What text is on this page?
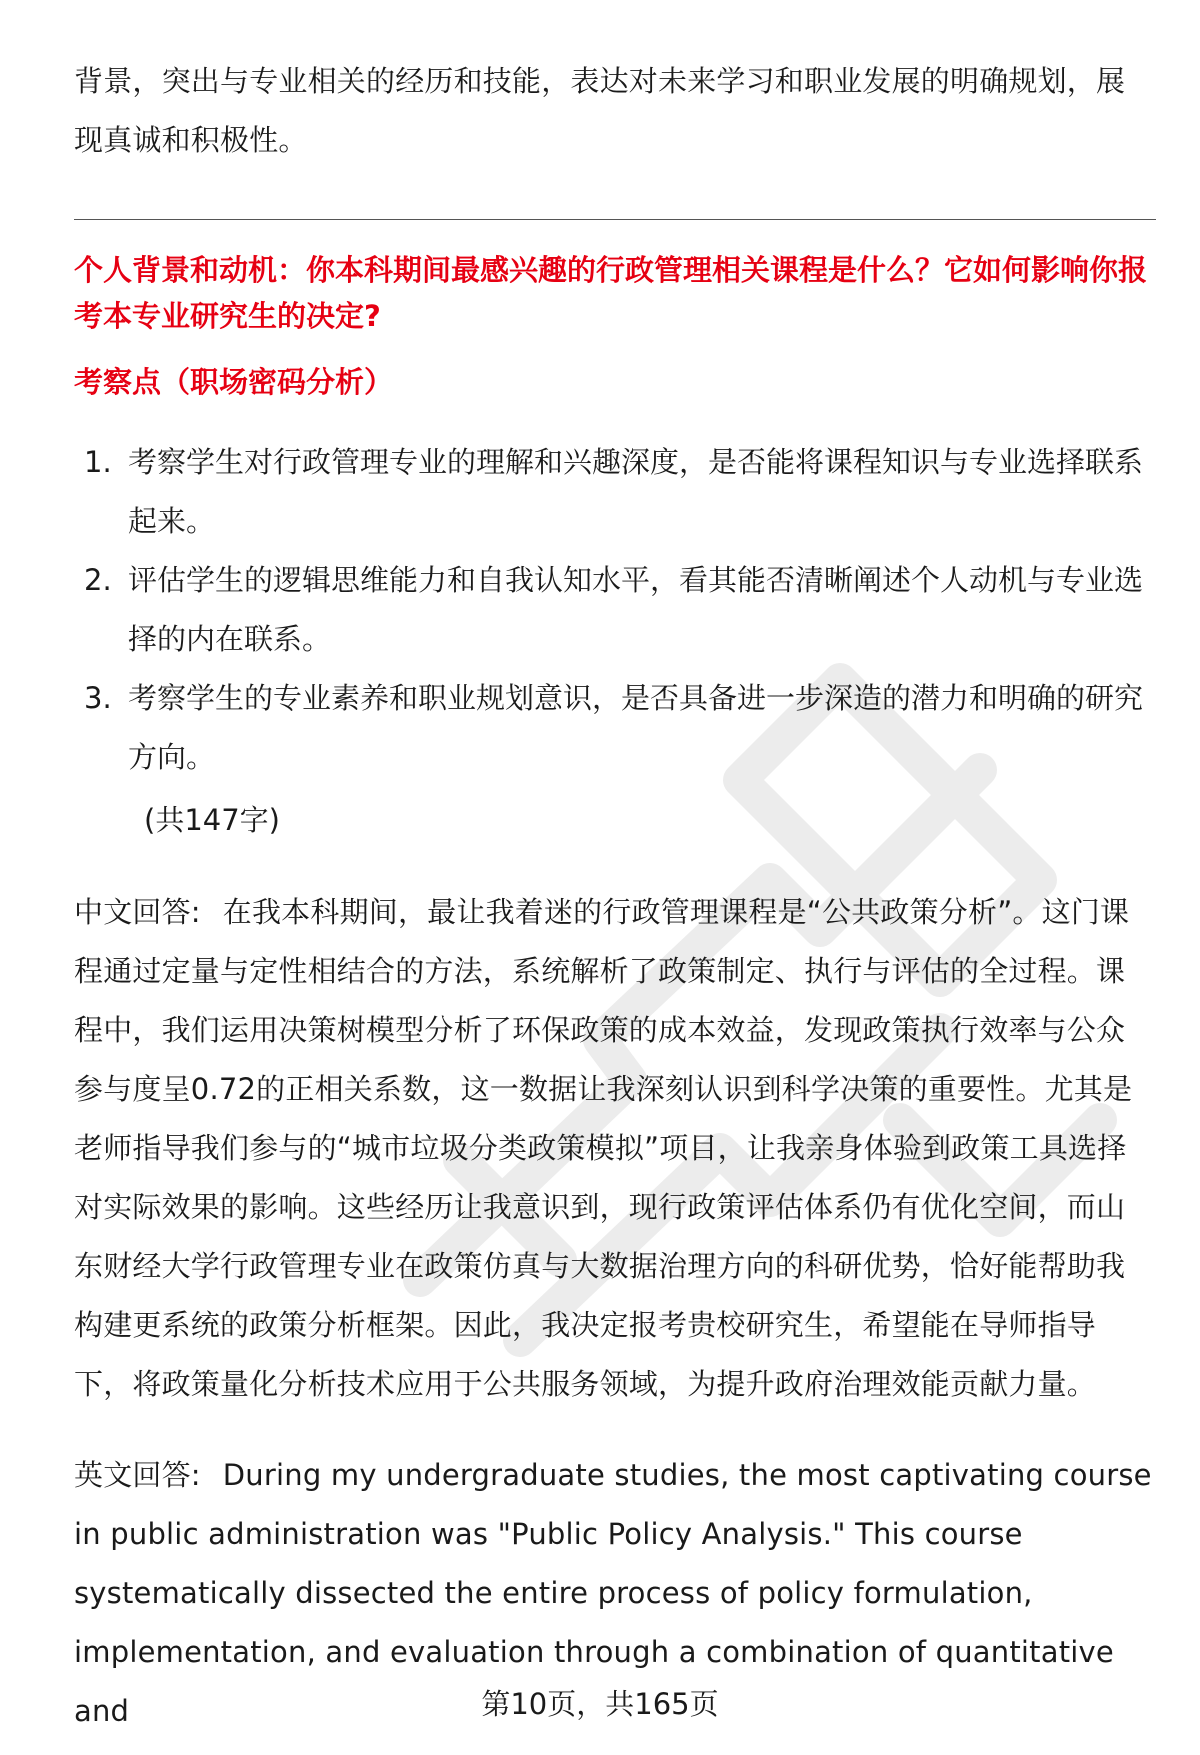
背景，突出与专业相关的经历和技能，表达对未来学习和职业发展的明确规划，展现真诚和积极性。
个人背景和动机：你本科期间最感兴趣的行政管理相关课程是什么？它如何影响你报考本专业研究生的决定?
考察点（职场密码分析）
1. 考察学生对行政管理专业的理解和兴趣深度，是否能将课程知识与专业选择联系起来。
2. 评估学生的逻辑思维能力和自我认知水平，看其能否清晰阐述个人动机与专业选择的内在联系。
3. 考察学生的专业素养和职业规划意识，是否具备进一步深造的潜力和明确的研究方向。
(共147字)
中文回答: 在我本科期间，最让我着迷的行政管理课程是“公共政策分析”。这门课程通过定量与定性相结合的方法，系统解析了政策制定、执行与评估的全过程。课程中，我们运用决策树模型分析了环保政策的成本效益，发现政策执行效率与公众参与度呈0.72的正相关系数，这一数据让我深刻认识到科学决策的重要性。尤其是老师指导我们参与的“城市垃圾分类政策模拟”项目，让我亲身体验到政策工具选择对实际效果的影响。这些经历让我意识到，现行政策评估体系仍有优化空间，而山东财经大学行政管理专业在政策仿真与大数据治理方向的科研优势，恰好能帮助我构建更系统的政策分析框架。因此，我决定报考贵校研究生，希望能在导师指导下，将政策量化分析技术应用于公共服务领域，为提升政府治理效能贡献力量。
英文回答: During my undergraduate studies, the most captivating course in public administration was "Public Policy Analysis." This course systematically dissected the entire process of policy formulation, implementation, and evaluation through a combination of quantitative and	第10页，共165页
